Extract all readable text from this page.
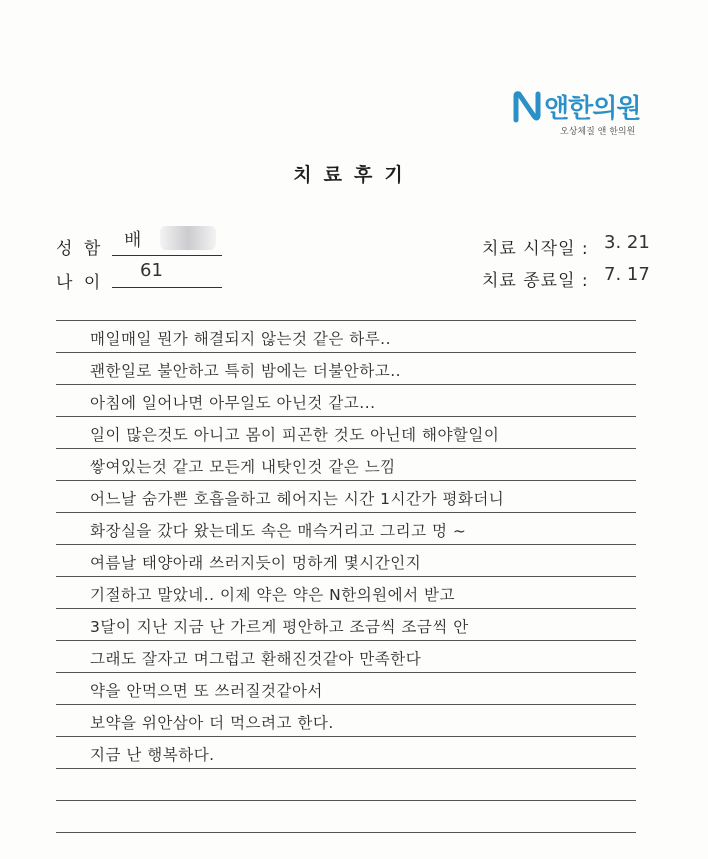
앤한의원
오상체질 앤 한의원
치료후기
성 함 배
나 이
61
치료 시작일 : 3. 21
치료 종료일 : 7. 17
매일매일 뭔가 해결되지 않는것 같은 하루..
괜한일로 불안하고 특히 밤에는 더불안하고..
아침에 일어나면 아무일도 아닌것 같고...
일이 많은것도 아니고 몸이 피곤한 것도 아닌데 해야할일이
쌓여있는것 같고 모든게 내탓인것 같은 느낌
어느날 숨가쁜 호흡을하고 헤어지는 시간 1시간가 평화더니
화장실을 갔다 왔는데도 속은 매슥거리고 그리고 멍 ~
여름날 태양아래 쓰러지듯이 멍하게 몇시간인지
기절하고 말았네.. 이제 약은 약은 N한의원에서 받고
3달이 지난 지금 난 가르게 평안하고 조금씩 조금씩 안
그래도 잘자고 며그럽고 환해진것같아 만족한다
약을 안먹으면 또 쓰러질것같아서
보약을 위안삼아 더 먹으려고 한다.
지금 난 행복하다.
